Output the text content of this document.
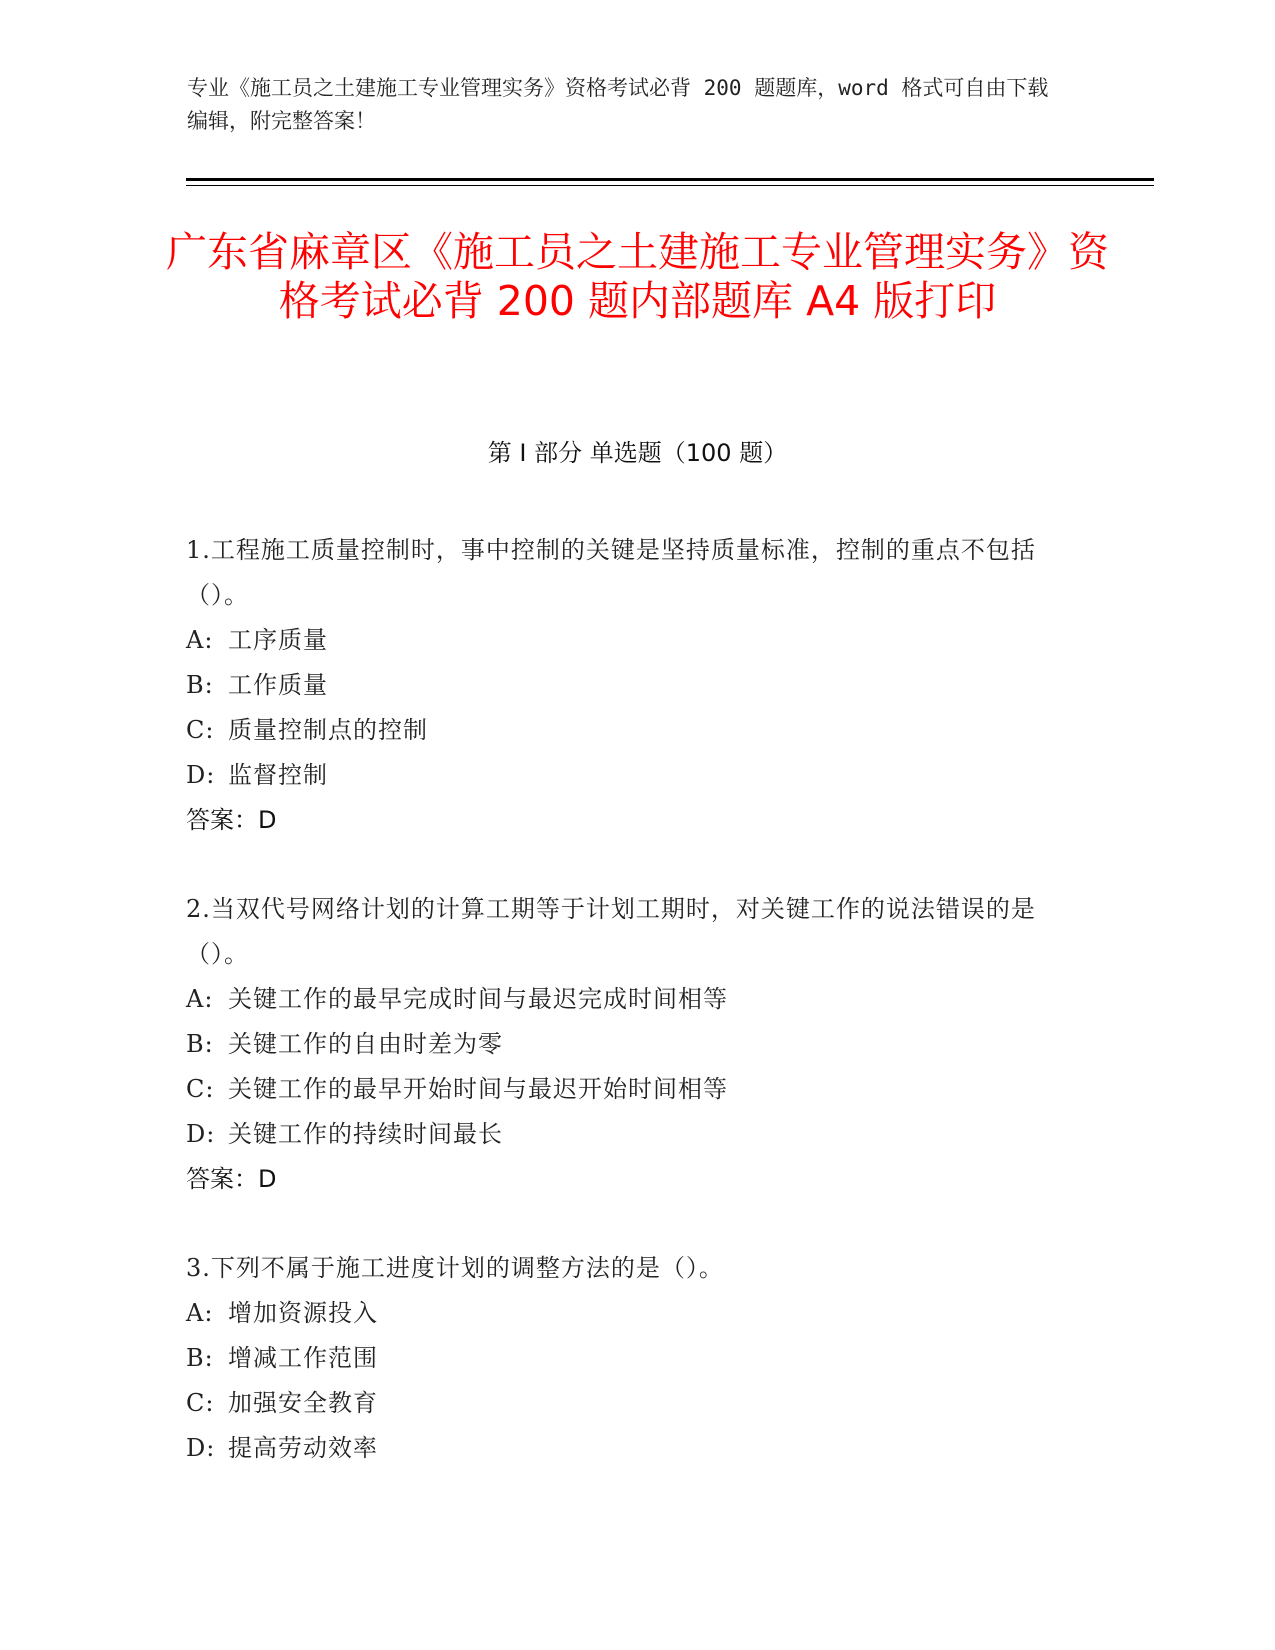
专业《施工员之土建施工专业管理实务》资格考试必背 200 题题库，word 格式可自由下载编辑，附完整答案！
广东省麻章区《施工员之土建施工专业管理实务》资格考试必背 200 题内部题库 A4 版打印
第 I 部分 单选题（100 题）
1.工程施工质量控制时，事中控制的关键是坚持质量标准，控制的重点不包括（）。
A: 工序质量
B: 工作质量
C: 质量控制点的控制
D: 监督控制
答案：D
2.当双代号网络计划的计算工期等于计划工期时，对关键工作的说法错误的是（）。
A: 关键工作的最早完成时间与最迟完成时间相等
B: 关键工作的自由时差为零
C: 关键工作的最早开始时间与最迟开始时间相等
D: 关键工作的持续时间最长
答案：D
3.下列不属于施工进度计划的调整方法的是（）。
A: 增加资源投入
B: 增减工作范围
C: 加强安全教育
D: 提高劳动效率
